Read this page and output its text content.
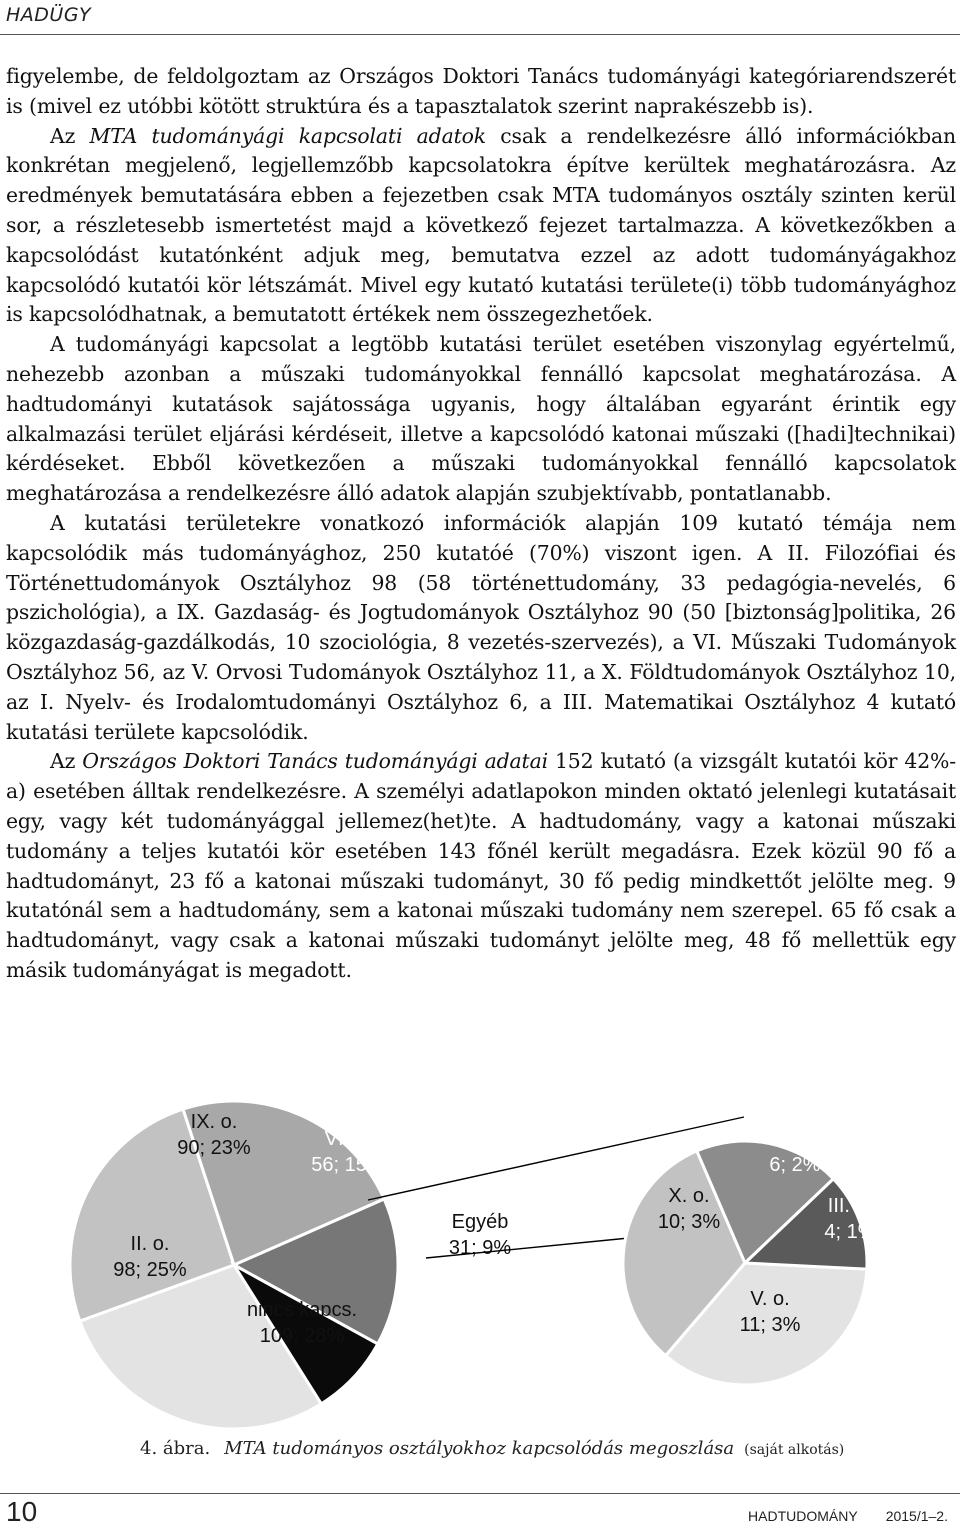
HADÜGY

figyelembe, de feldolgoztam az Országos Doktori Tanács tudományági kategóriarendszerét is (mivel ez utóbbi kötött struktúra és a tapasztalatok szerint naprakészebb is).

Az MTA tudományági kapcsolati adatok csak a rendelkezésre álló információkban konkrétan megjelenő, legjellemzőbb kapcsolatokra építve kerültek meghatározásra. Az eredmények bemutatására ebben a fejezetben csak MTA tudományos osztály szinten kerül sor, a részletesebb ismertetést majd a következő fejezet tartalmazza. A következőkben a kapcsolódást kutatónként adjuk meg, bemutatva ezzel az adott tudományágakhoz kapcsolódó kutatói kör létszámát. Mivel egy kutató kutatási területe(i) több tudományághoz is kapcsolódhatnak, a bemutatott értékek nem összegezhetőek.

A tudományági kapcsolat a legtöbb kutatási terület esetében viszonylag egyértelmű, nehezebb azonban a műszaki tudományokkal fennálló kapcsolat meghatározása. A hadtudományi kutatások sajátossága ugyanis, hogy általában egyaránt érintik egy alkalmazási terület eljárási kérdéseit, illetve a kapcsolódó katonai műszaki ([hadi]technikai) kérdéseket. Ebből következően a műszaki tudományokkal fennálló kapcsolatok meghatározása a rendelkezésre álló adatok alapján szubjektívabb, pontatlanabb.

A kutatási területekre vonatkozó információk alapján 109 kutató témája nem kapcsolódik más tudományághoz, 250 kutatóé (70%) viszont igen. A II. Filozófiai és Történettudományok Osztályhoz 98 (58 történettudomány, 33 pedagógia-nevelés, 6 pszichológia), a IX. Gazdaság- és Jogtudományok Osztályhoz 90 (50 [biztonság]politika, 26 közgazdaság-gazdálkodás, 10 szociológia, 8 vezetés-szervezés), a VI. Műszaki Tudományok Osztályhoz 56, az V. Orvosi Tudományok Osztályhoz 11, a X. Földtudományok Osztályhoz 10, az I. Nyelv- és Irodalomtudományi Osztályhoz 6, a III. Matematikai Osztályhoz 4 kutató kutatási területe kapcsolódik.

Az Országos Doktori Tanács tudományági adatai 152 kutató (a vizsgált kutatói kör 42%-a) esetében álltak rendelkezésre. A személyi adatlapokon minden oktató jelenlegi kutatásait egy, vagy két tudományággal jellemez(het)te. A hadtudomány, vagy a katonai műszaki tudomány a teljes kutatói kör esetében 143 főnél került megadásra. Ezek közül 90 fő a hadtudományt, 23 fő a katonai műszaki tudományt, 30 fő pedig mindkettőt jelölte meg. 9 kutatónál sem a hadtudomány, sem a katonai műszaki tudomány nem szerepel. 65 fő csak a hadtudományt, vagy csak a katonai műszaki tudományt jelölte meg, 48 fő mellettük egy másik tudományágat is megadott.

nincs kapcs.
109; 28%
II. o.
98; 25%
IX. o.
90; 23%	VI. o.
56; 15%
Egyéb
31; 9%
V. o.
11; 3%
X. o.
10; 3%
I. o.
6; 2%
III. o.
4; 1%
4. ábra. MTA tudományos osztályokhoz kapcsolódás megoszlása (saját alkotás)
10	HADTUDOMÁNY 2015/1–2.
